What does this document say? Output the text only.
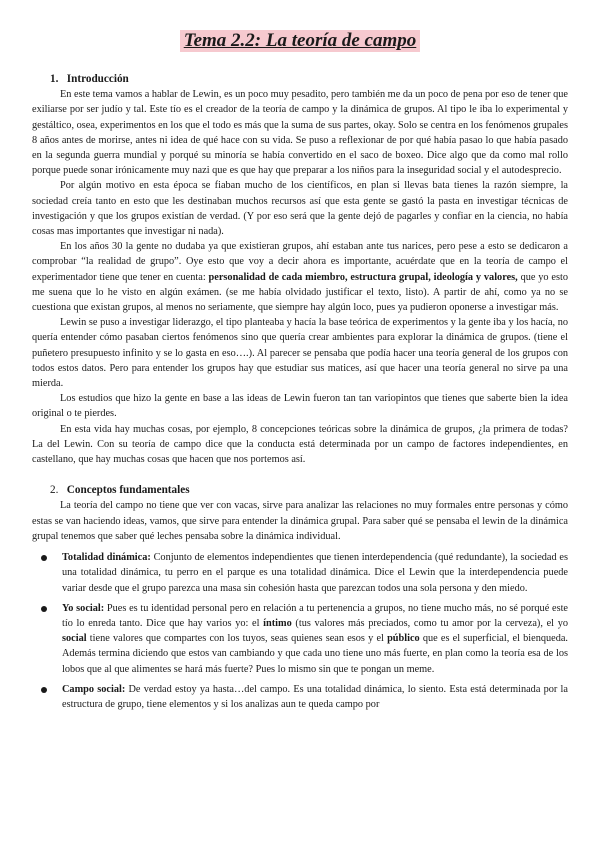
Tema 2.2: La teoría de campo
1. Introducción

En este tema vamos a hablar de Lewin, es un poco muy pesadito, pero también me da un poco de pena por eso de tener que exiliarse por ser judío y tal. Este tío es el creador de la teoría de campo y la dinámica de grupos. Al tipo le iba lo experimental y gestáltico, osea, experimentos en los que el todo es más que la suma de sus partes, okay. Solo se centra en los fenómenos grupales 8 años antes de morirse, antes ni idea de qué hace con su vida. Se puso a reflexionar de por qué había pasao lo que había pasado en la segunda guerra mundial y porqué su minoría se había convertido en el saco de boxeo. Dice algo que da como mal rollo porque puede sonar irónicamente muy nazi que es que hay que preparar a los niños para la inseguridad social y el autodesprecio.

Por algún motivo en esta época se fiaban mucho de los científicos, en plan si llevas bata tienes la razón siempre, la sociedad creía tanto en esto que les destinaban muchos recursos así que esta gente se gastó la pasta en investigar técnicas de investigación y que los grupos existían de verdad. (Y por eso será que la gente dejó de pagarles y confiar en la ciencia, no había cosas mas importantes que investigar ni nada).

En los años 30 la gente no dudaba ya que existieran grupos, ahí estaban ante tus narices, pero pese a esto se dedicaron a comprobar “la realidad de grupo”. Oye esto que voy a decir ahora es importante, acuérdate que en la teoría de campo el experimentador tiene que tener en cuenta: personalidad de cada miembro, estructura grupal, ideología y valores, que yo esto me suena que lo he visto en algún exámen. (se me había olvidado justificar el texto, listo). A partir de ahí, como ya no se cuestiona que existan grupos, al menos no seriamente, que siempre hay algún loco, pues ya pudieron oponerse a investigar más.

Lewin se puso a investigar liderazgo, el tipo planteaba y hacía la base teórica de experimentos y la gente iba y los hacía, no quería entender cómo pasaban ciertos fenómenos sino que quería crear ambientes para explorar la dinámica de grupos. (tiene el puñetero presupuesto infinito y se lo gasta en eso….). Al parecer se pensaba que podía hacer una teoría general de los grupos con todos estos datos. Pero para entender los grupos hay que estudiar sus matices, así que hacer una teoría general no sirve pa una mierda.

Los estudios que hizo la gente en base a las ideas de Lewin fueron tan tan variopintos que tienes que saberte bien la idea original o te pierdes.

En esta vida hay muchas cosas, por ejemplo, 8 concepciones teóricas sobre la dinámica de grupos, ¿la primera de todas? La del Lewin. Con su teoría de campo dice que la conducta está determinada por un campo de factores independientes, en castellano, que hay muchas cosas que hacen que nos portemos así.

2. Conceptos fundamentales

La teoría del campo no tiene que ver con vacas, sirve para analizar las relaciones no muy formales entre personas y cómo estas se van haciendo ideas, vamos, que sirve para entender la dinámica grupal. Para saber qué se pensaba el lewin de la dinámica grupal tenemos que saber qué leches pensaba sobre la dinámica individual.

Totalidad dinámica: Conjunto de elementos independientes que tienen interdependencia (qué redundante), la sociedad es una totalidad dinámica, tu perro en el parque es una totalidad dinámica. Dice el Lewin que la interdependencia puede variar desde que el grupo parezca una masa sin cohesión hasta que parezcan todos una sola persona y den miedo.
Yo social: Pues es tu identidad personal pero en relación a tu pertenencia a grupos, no tiene mucho más, no sé porqué este tío lo enreda tanto. Dice que hay varios yo: el íntimo (tus valores más preciados, como tu amor por la cerveza), el yo social tiene valores que compartes con los tuyos, seas quienes sean esos y el público que es el superficial, el bienqueda. Además termina diciendo que estos van cambiando y que cada uno tiene uno más fuerte, en plan como la teoría esa de los lobos que al que alimentes se hará más fuerte? Pues lo mismo sin que te pongan un meme.
Campo social: De verdad estoy ya hasta…del campo. Es una totalidad dinámica, lo siento. Esta está determinada por la estructura de grupo, tiene elementos y si los analizas aun te queda campo por
